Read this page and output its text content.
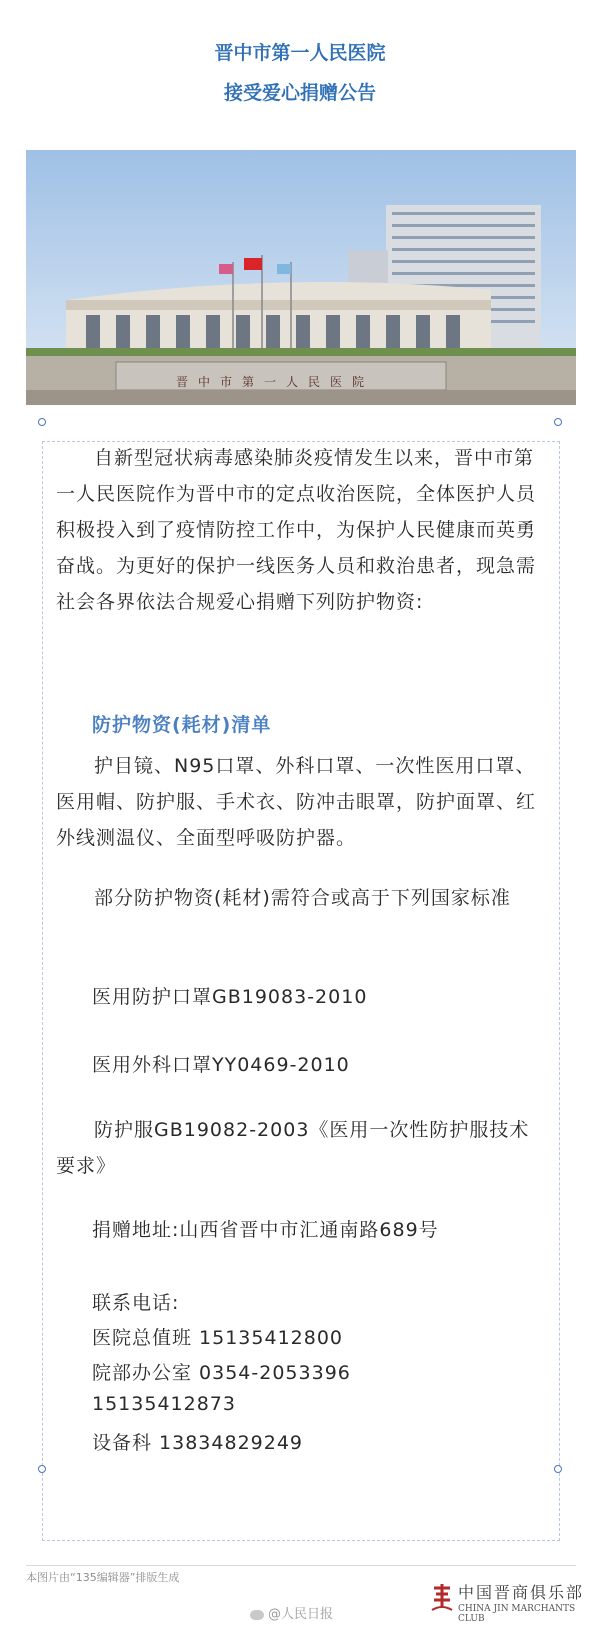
晋中市第一人民医院
接受爱心捐赠公告
晋中市第一人民医院
自新型冠状病毒感染肺炎疫情发生以来，晋中市第一人民医院作为晋中市的定点收治医院，全体医护人员积极投入到了疫情防控工作中，为保护人民健康而英勇奋战。为更好的保护一线医务人员和救治患者，现急需社会各界依法合规爱心捐赠下列防护物资:
防护物资(耗材)清单
护目镜、N95口罩、外科口罩、一次性医用口罩、医用帽、防护服、手术衣、防冲击眼罩，防护面罩、红外线测温仪、全面型呼吸防护器。
部分防护物资(耗材)需符合或高于下列国家标准
医用防护口罩GB19083-2010
医用外科口罩YY0469-2010
防护服GB19082-2003《医用一次性防护服技术要求》
捐赠地址:山西省晋中市汇通南路689号
联系电话:
医院总值班 15135412800
院部办公室 0354-2053396
15135412873
设备科 13834829249
本图片由“135编辑器”排版生成
@人民日报
中国晋商俱乐部
CHINA JIN MARCHANTS CLUB
